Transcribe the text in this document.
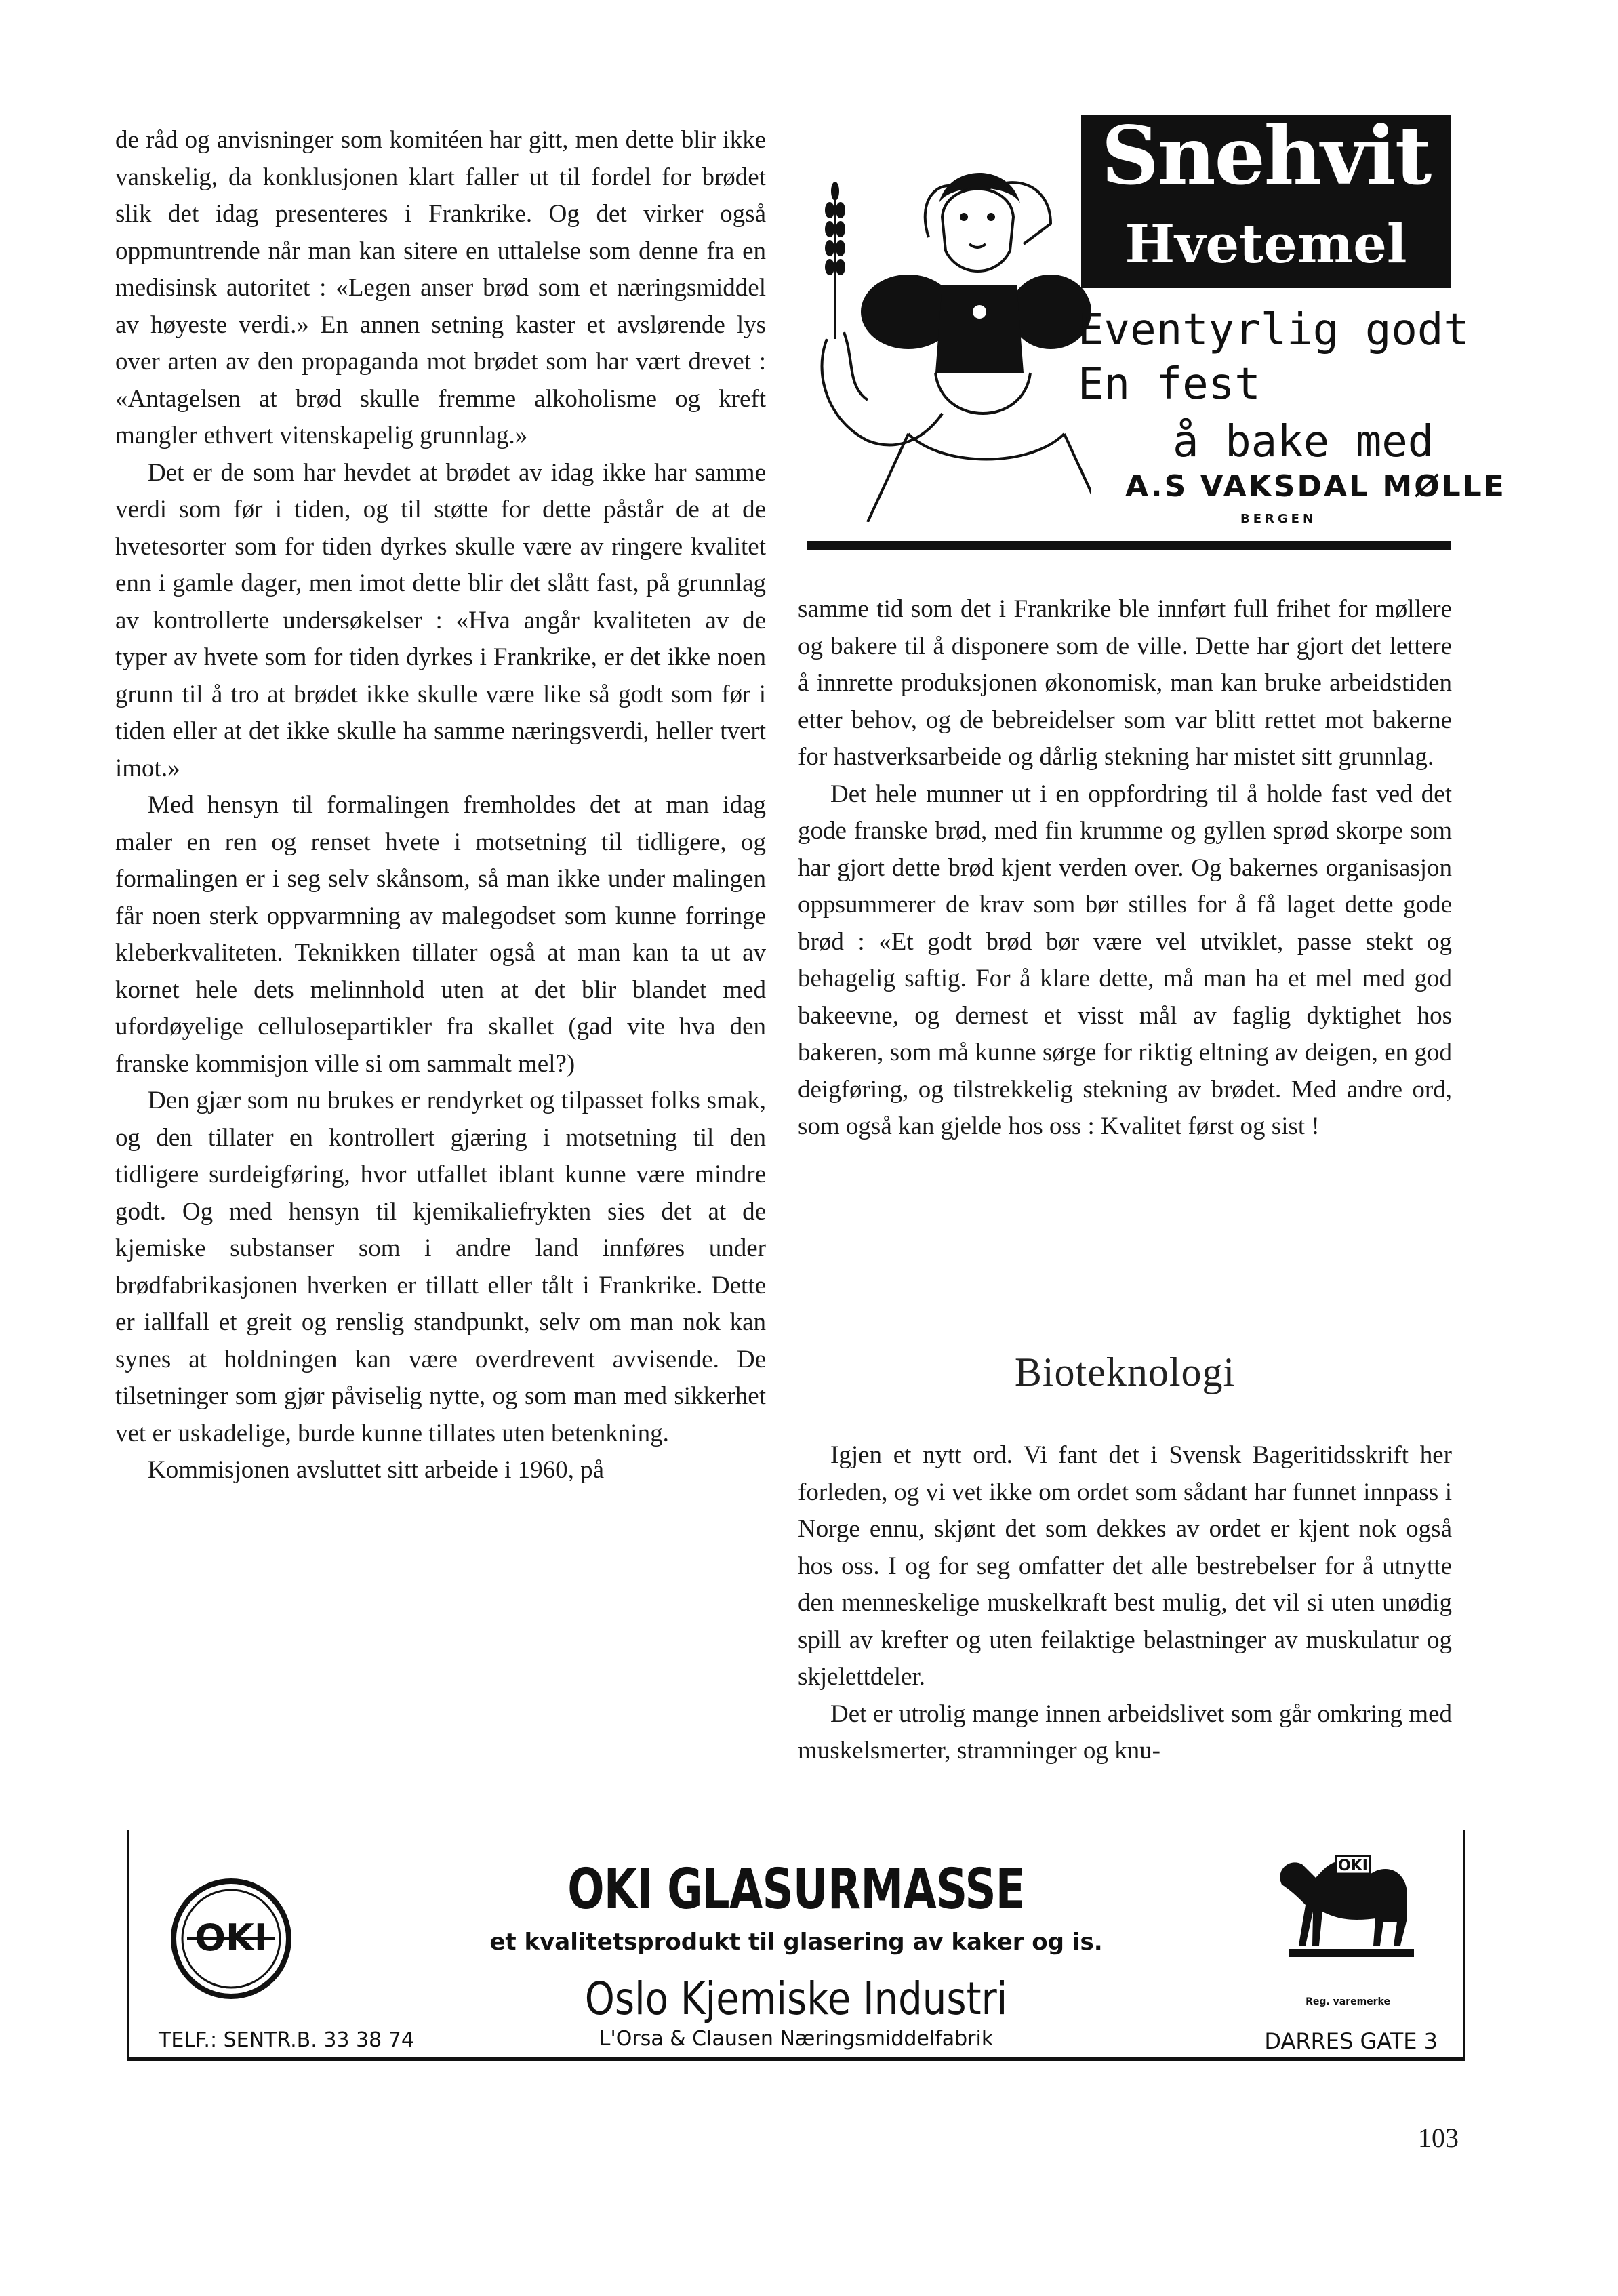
de råd og anvisninger som komitéen har gitt, men dette blir ikke vanskelig, da konklusjonen klart faller ut til fordel for brødet slik det idag presenteres i Frankrike. Og det virker også oppmuntrende når man kan sitere en uttalelse som denne fra en medisinsk autoritet : «Legen anser brød som et næringsmiddel av høyeste verdi.» En annen setning kaster et avslørende lys over arten av den propaganda mot brødet som har vært drevet : «Antagelsen at brød skulle fremme alkoholisme og kreft mangler ethvert vitenskapelig grunnlag.»

Det er de som har hevdet at brødet av idag ikke har samme verdi som før i tiden, og til støtte for dette påstår de at de hvetesorter som for tiden dyrkes skulle være av ringere kvalitet enn i gamle dager, men imot dette blir det slått fast, på grunnlag av kontrollerte undersøkelser : «Hva angår kvaliteten av de typer av hvete som for tiden dyrkes i Frankrike, er det ikke noen grunn til å tro at brødet ikke skulle være like så godt som før i tiden eller at det ikke skulle ha samme næringsverdi, heller tvert imot.»

Med hensyn til formalingen fremholdes det at man idag maler en ren og renset hvete i motsetning til tidligere, og formalingen er i seg selv skånsom, så man ikke under malingen får noen sterk oppvarmning av malegodset som kunne forringe kleberkvaliteten. Teknikken tillater også at man kan ta ut av kornet hele dets melinnhold uten at det blir blandet med ufordøyelige cellulosepartikler fra skallet (gad vite hva den franske kommisjon ville si om sammalt mel?)

Den gjær som nu brukes er rendyrket og tilpasset folks smak, og den tillater en kontrollert gjæring i motsetning til den tidligere surdeigføring, hvor utfallet iblant kunne være mindre godt. Og med hensyn til kjemikaliefrykten sies det at de kjemiske substanser som i andre land innføres under brødfabrikasjonen hverken er tillatt eller tålt i Frankrike. Dette er iallfall et greit og renslig standpunkt, selv om man nok kan synes at holdningen kan være overdrevent avvisende. De tilsetninger som gjør påviselig nytte, og som man med sikkerhet vet er uskadelige, burde kunne tillates uten betenkning.

Kommisjonen avsluttet sitt arbeide i 1960, på

Snehvit
Hvetemel
Eventyrlig godt
En fest
å bake med
A.S VAKSDAL MØLLE
BERGEN

samme tid som det i Frankrike ble innført full frihet for møllere og bakere til å disponere som de ville. Dette har gjort det lettere å innrette produksjonen økonomisk, man kan bruke arbeidstiden etter behov, og de bebreidelser som var blitt rettet mot bakerne for hastverksarbeide og dårlig stekning har mistet sitt grunnlag.

Det hele munner ut i en oppfordring til å holde fast ved det gode franske brød, med fin krumme og gyllen sprød skorpe som har gjort dette brød kjent verden over. Og bakernes organisasjon oppsummerer de krav som bør stilles for å få laget dette gode brød : «Et godt brød bør være vel utviklet, passe stekt og behagelig saftig. For å klare dette, må man ha et mel med god bakeevne, og dernest et visst mål av faglig dyktighet hos bakeren, som må kunne sørge for riktig eltning av deigen, en god deigføring, og tilstrekkelig stekning av brødet. Med andre ord, som også kan gjelde hos oss : Kvalitet først og sist !

Bioteknologi

Igjen et nytt ord. Vi fant det i Svensk Bageritidsskrift her forleden, og vi vet ikke om ordet som sådant har funnet innpass i Norge ennu, skjønt det som dekkes av ordet er kjent nok også hos oss. I og for seg omfatter det alle bestrebelser for å utnytte den menneskelige muskelkraft best mulig, det vil si uten unødig spill av krefter og uten feilaktige belastninger av muskulatur og skjelettdeler.

Det er utrolig mange innen arbeidslivet som går omkring med muskelsmerter, stramninger og knu-

OKI
OKI GLASURMASSE
et kvalitetsprodukt til glasering av kaker og is.
Oslo Kjemiske Industri
L'Orsa & Clausen Næringsmiddelfabrik
TELF.: SENTR.B. 33 38 74	DARRES GATE 3
OKI
Reg. varemerke
103
